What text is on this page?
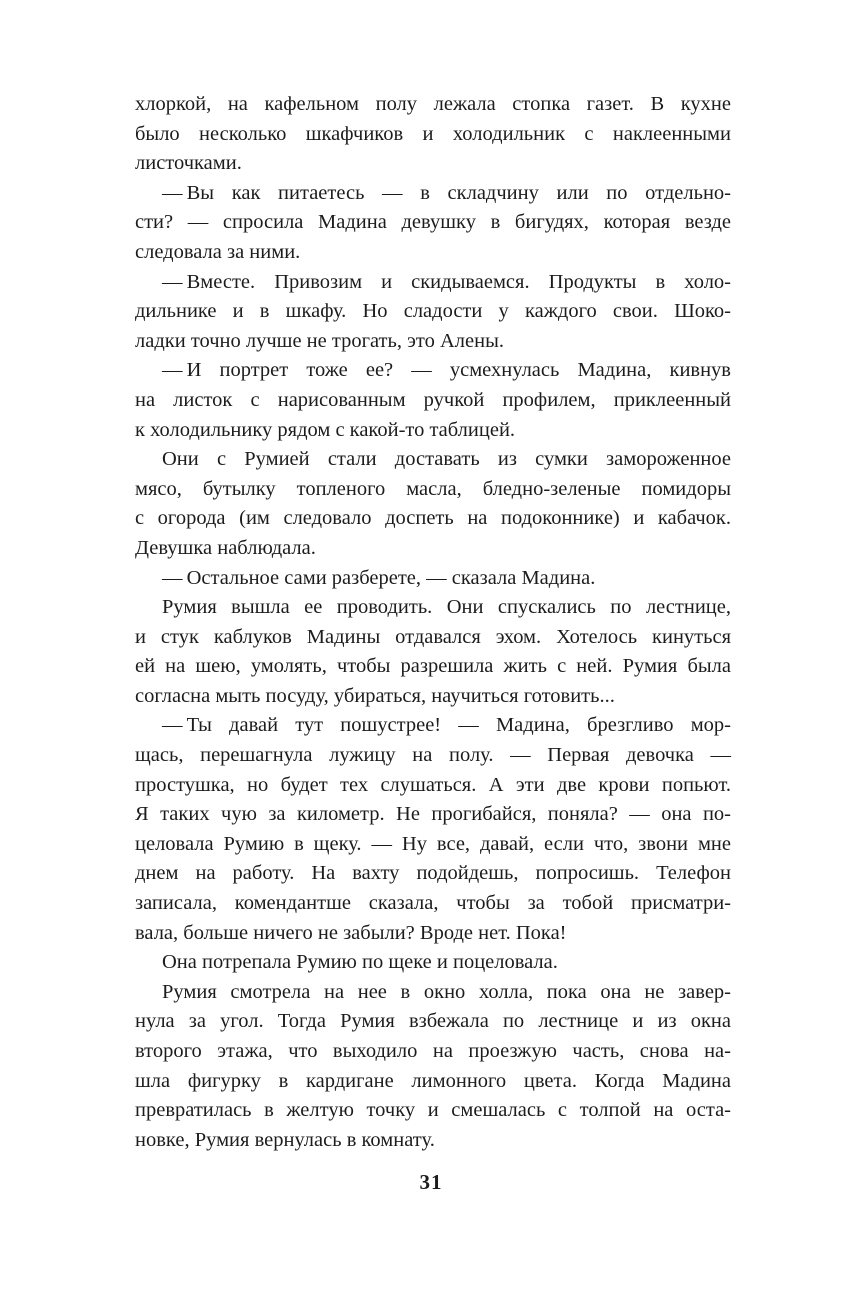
хлоркой, на кафельном полу лежала стопка газет. В кухне
было несколько шкафчиков и холодильник с наклеенными
листочками.
— Вы как питаетесь — в складчину или по отдельно-
сти? — спросила Мадина девушку в бигудях, которая везде
следовала за ними.
— Вместе. Привозим и скидываемся. Продукты в холо-
дильнике и в шкафу. Но сладости у каждого свои. Шоко-
ладки точно лучше не трогать, это Алены.
— И портрет тоже ее? — усмехнулась Мадина, кивнув
на листок с нарисованным ручкой профилем, приклеенный
к холодильнику рядом с какой-то таблицей.
Они с Румией стали доставать из сумки замороженное
мясо, бутылку топленого масла, бледно-зеленые помидоры
с огорода (им следовало доспеть на подоконнике) и кабачок.
Девушка наблюдала.
— Остальное сами разберете, — сказала Мадина.
Румия вышла ее проводить. Они спускались по лестнице,
и стук каблуков Мадины отдавался эхом. Хотелось кинуться
ей на шею, умолять, чтобы разрешила жить с ней. Румия была
согласна мыть посуду, убираться, научиться готовить...
— Ты давай тут пошустрее! — Мадина, брезгливо мор-
щась, перешагнула лужицу на полу. — Первая девочка —
простушка, но будет тех слушаться. А эти две крови попьют.
Я таких чую за километр. Не прогибайся, поняла? — она по-
целовала Румию в щеку. — Ну все, давай, если что, звони мне
днем на работу. На вахту подойдешь, попросишь. Телефон
записала, комендантше сказала, чтобы за тобой присматри-
вала, больше ничего не забыли? Вроде нет. Пока!
Она потрепала Румию по щеке и поцеловала.
Румия смотрела на нее в окно холла, пока она не завер-
нула за угол. Тогда Румия взбежала по лестнице и из окна
второго этажа, что выходило на проезжую часть, снова на-
шла фигурку в кардигане лимонного цвета. Когда Мадина
превратилась в желтую точку и смешалась с толпой на оста-
новке, Румия вернулась в комнату.
31
